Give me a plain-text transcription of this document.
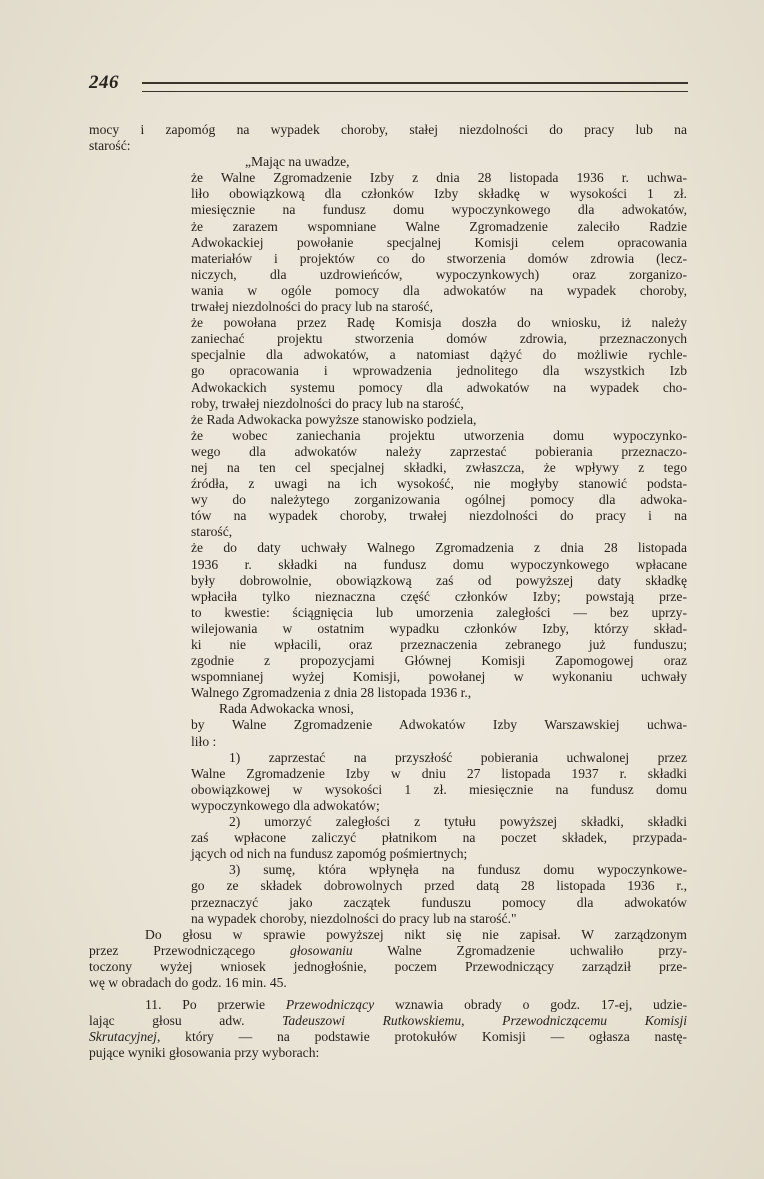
246
mocy i zapomóg na wypadek choroby, stałej niezdolności do pracy lub na
starość:
„Mając na uwadze,
że Walne Zgromadzenie Izby z dnia 28 listopada 1936 r. uchwa-
liło obowiązkową dla członków Izby składkę w wysokości 1 zł.
miesięcznie na fundusz domu wypoczynkowego dla adwokatów,
że zarazem wspomniane Walne Zgromadzenie zaleciło Radzie
Adwokackiej powołanie specjalnej Komisji celem opracowania
materiałów i projektów co do stworzenia domów zdrowia (lecz-
niczych, dla uzdrowieńców, wypoczynkowych) oraz zorganizo-
wania w ogóle pomocy dla adwokatów na wypadek choroby,
trwałej niezdolności do pracy lub na starość,
że powołana przez Radę Komisja doszła do wniosku, iż należy
zaniechać projektu stworzenia domów zdrowia, przeznaczonych
specjalnie dla adwokatów, a natomiast dążyć do możliwie rychle-
go opracowania i wprowadzenia jednolitego dla wszystkich Izb
Adwokackich systemu pomocy dla adwokatów na wypadek cho-
roby, trwałej niezdolności do pracy lub na starość,
że Rada Adwokacka powyższe stanowisko podziela,
że wobec zaniechania projektu utworzenia domu wypoczynko-
wego dla adwokatów należy zaprzestać pobierania przeznaczo-
nej na ten cel specjalnej składki, zwłaszcza, że wpływy z tego
źródła, z uwagi na ich wysokość, nie mogłyby stanowić podsta-
wy do należytego zorganizowania ogólnej pomocy dla adwoka-
tów na wypadek choroby, trwałej niezdolności do pracy i na
starość,
że do daty uchwały Walnego Zgromadzenia z dnia 28 listopada
1936 r. składki na fundusz domu wypoczynkowego wpłacane
były dobrowolnie, obowiązkową zaś od powyższej daty składkę
wpłaciła tylko nieznaczna część członków Izby; powstają prze-
to kwestie: ściągnięcia lub umorzenia zaległości — bez uprzy-
wilejowania w ostatnim wypadku członków Izby, którzy skład-
ki nie wpłacili, oraz przeznaczenia zebranego już funduszu;
zgodnie z propozycjami Głównej Komisji Zapomogowej oraz
wspomnianej wyżej Komisji, powołanej w wykonaniu uchwały
Walnego Zgromadzenia z dnia 28 listopada 1936 r.,
Rada Adwokacka wnosi,
by Walne Zgromadzenie Adwokatów Izby Warszawskiej uchwa-
liło :
1) zaprzestać na przyszłość pobierania uchwalonej przez
Walne Zgromadzenie Izby w dniu 27 listopada 1937 r. składki
obowiązkowej w wysokości 1 zł. miesięcznie na fundusz domu
wypoczynkowego dla adwokatów;
2) umorzyć zaległości z tytułu powyższej składki, składki
zaś wpłacone zaliczyć płatnikom na poczet składek, przypada-
jących od nich na fundusz zapomóg pośmiertnych;
3) sumę, która wpłynęła na fundusz domu wypoczynkowe-
go ze składek dobrowolnych przed datą 28 listopada 1936 r.,
przeznaczyć jako zaczątek funduszu pomocy dla adwokatów
na wypadek choroby, niezdolności do pracy lub na starość."
Do głosu w sprawie powyższej nikt się nie zapisał. W zarządzonym
przez Przewodniczącego głosowaniu Walne Zgromadzenie uchwaliło przy-
toczony wyżej wniosek jednogłośnie, poczem Przewodniczący zarządził prze-
wę w obradach do godz. 16 min. 45.
11. Po przerwie Przewodniczący wznawia obrady o godz. 17-ej, udzie-
lając głosu adw. Tadeuszowi Rutkowskiemu, Przewodniczącemu Komisji
Skrutacyjnej, który — na podstawie protokułów Komisji — ogłasza nastę-
pujące wyniki głosowania przy wyborach:
